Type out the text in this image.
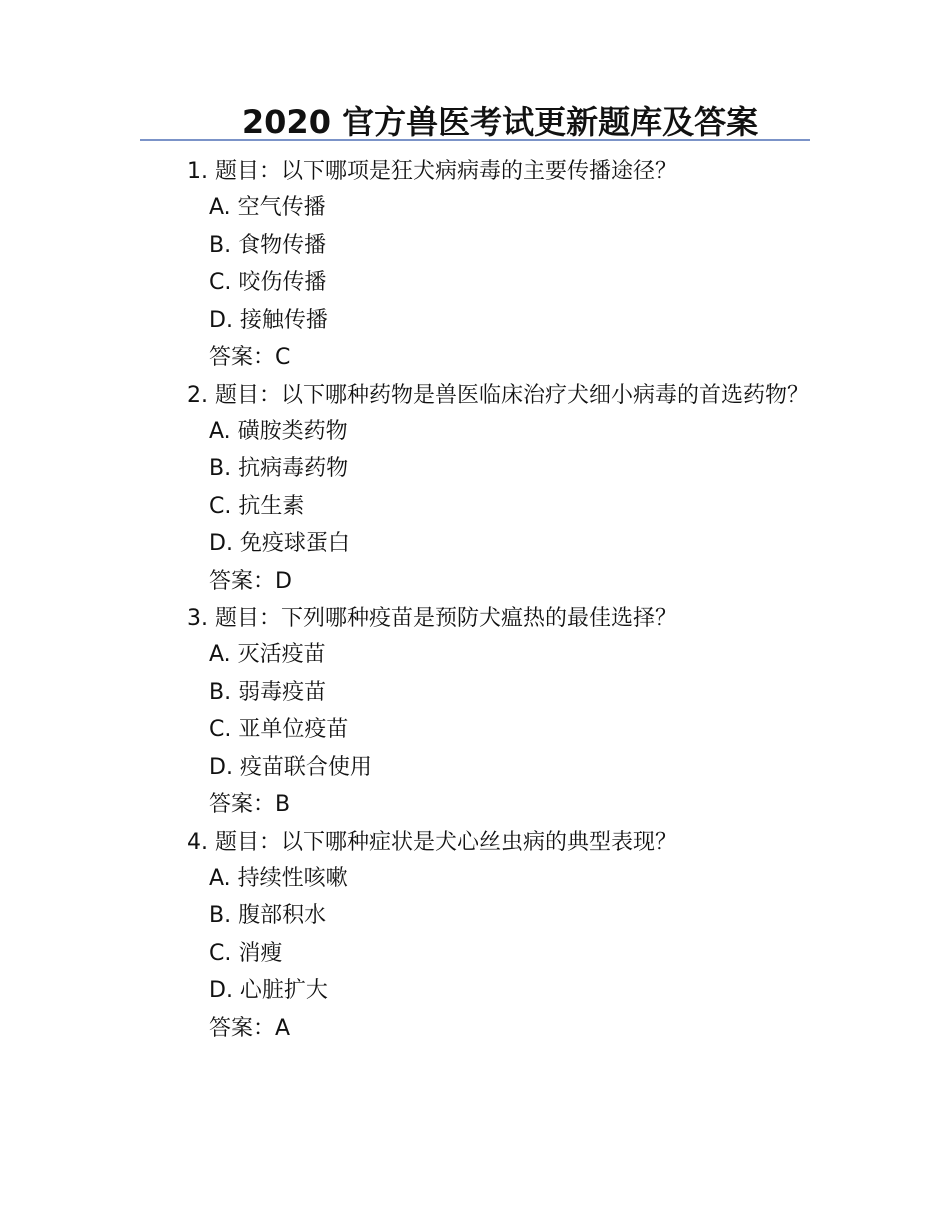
2020 官方兽医考试更新题库及答案

1. 题目：以下哪项是狂犬病病毒的主要传播途径？

A. 空气传播
B. 食物传播
C. 咬伤传播
D. 接触传播
答案：C

2. 题目：以下哪种药物是兽医临床治疗犬细小病毒的首选药物？

A. 磺胺类药物
B. 抗病毒药物
C. 抗生素
D. 免疫球蛋白
答案：D

3. 题目：下列哪种疫苗是预防犬瘟热的最佳选择？

A. 灭活疫苗
B. 弱毒疫苗
C. 亚单位疫苗
D. 疫苗联合使用
答案：B

4. 题目：以下哪种症状是犬心丝虫病的典型表现？

A. 持续性咳嗽
B. 腹部积水
C. 消瘦
D. 心脏扩大
答案：A
